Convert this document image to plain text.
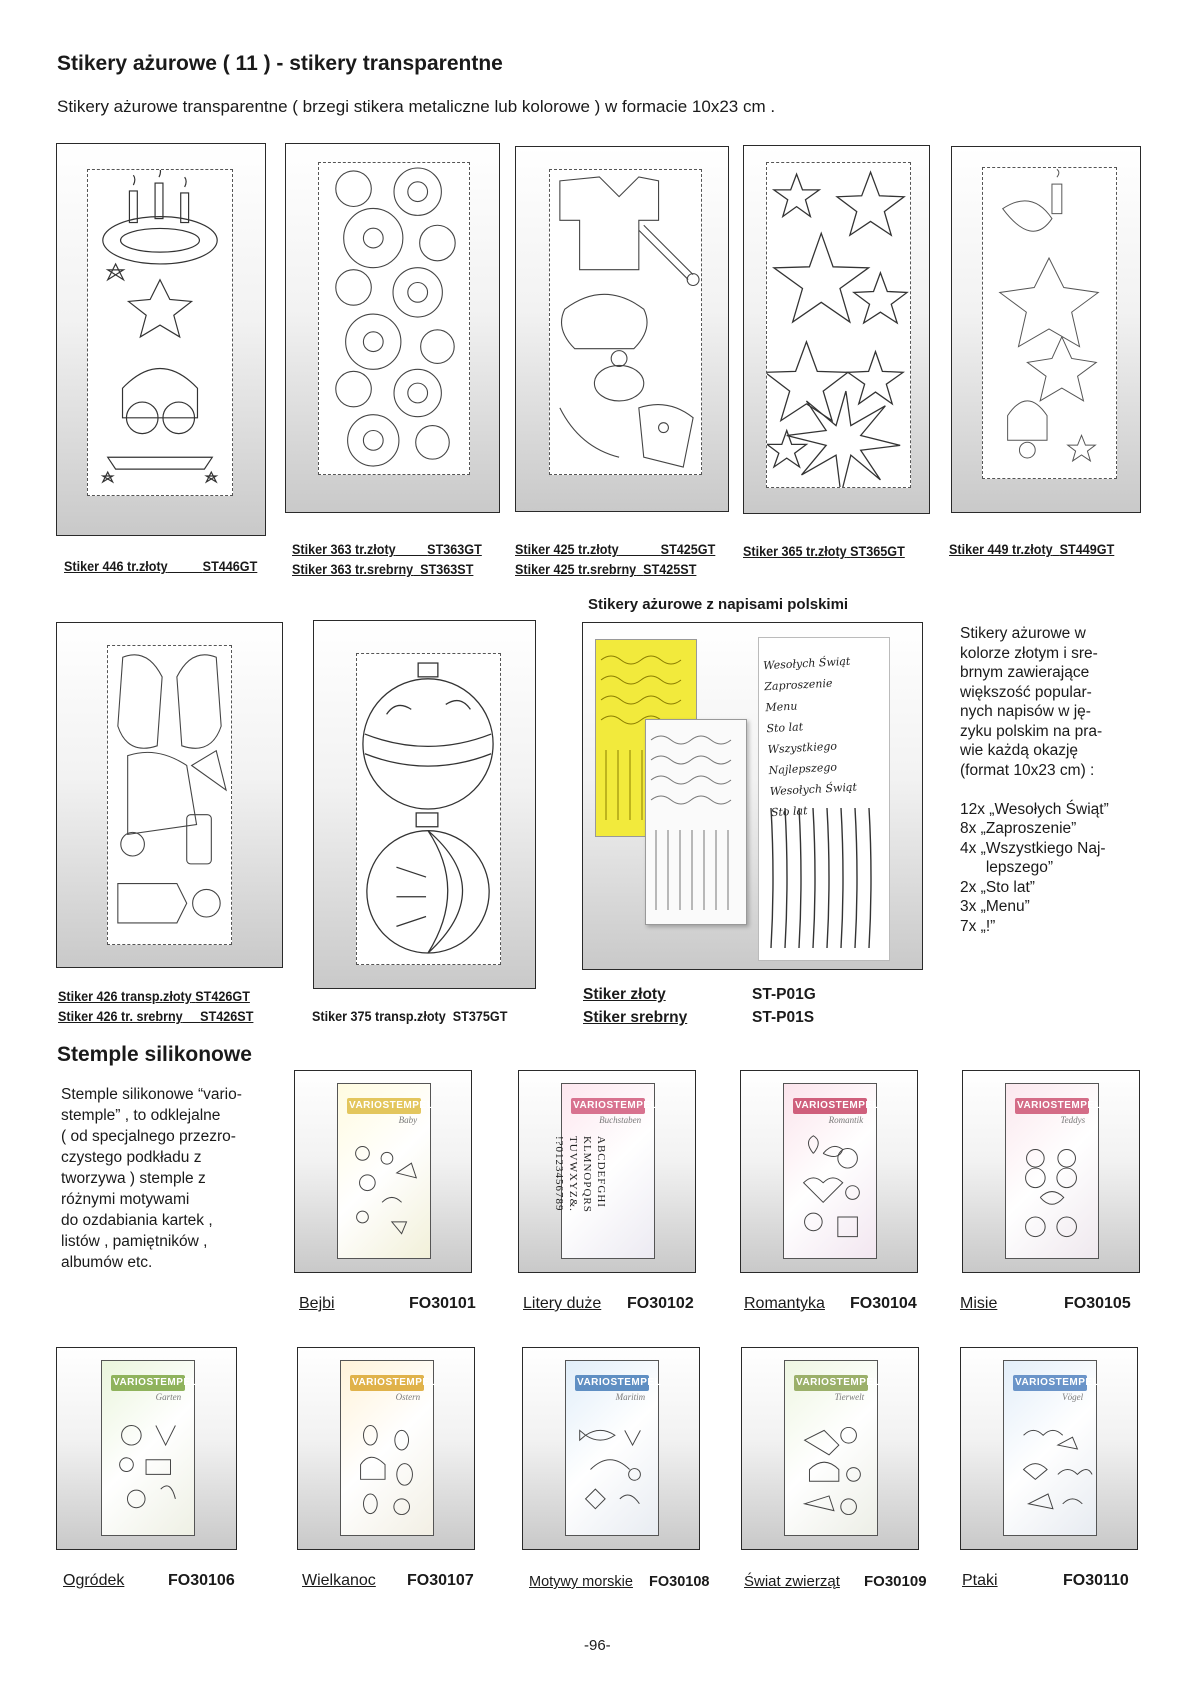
Stikery ażurowe ( 11 ) - stikery transparentne
Stikery ażurowe transparentne ( brzegi stikera metaliczne lub kolorowe ) w formacie 10x23 cm .
Stiker 446 tr.złoty	ST446GT
Stiker 363 tr.złoty ST363GT
Stiker 363 tr.srebrny ST363ST
Stiker 425 tr.złoty	ST425GT
Stiker 425 tr.srebrny ST425ST
Stiker 365 tr.złoty ST365GT	Stiker 449 tr.złoty ST449GT
Stikery ażurowe z napisami polskimi
Wesołych Świąt
Zaproszenie
Menu
Sto lat
Wszystkiego Najlepszego
Wesołych Świąt
Sto lat
Stikery ażurowe w
kolorze złotym i sre-
brnym zawierające
większość popular-
nych napisów w ję-
zyku polskim na pra-
wie każdą okazję
(format 10x23 cm) :
12x „Wesołych Świąt”
8x „Zaproszenie”
4x „Wszystkiego Naj-
lepszego”
2x „Sto lat”
3x „Menu”
7x „!”
Stiker 426 transp.złoty ST426GT
Stiker 426 tr. srebrny ST426ST	Stiker 375 transp.złoty ST375GT
Stiker złoty	ST-P01G
Stiker srebrny	ST-P01S
Stemple silikonowe
Stemple silikonowe “vario-
stemple” , to odklejalne
( od specjalnego przezro-
czystego podkładu z
tworzywa ) stemple z
różnymi motywami
do ozdabiania kartek ,
listów , pamiętników ,
albumów etc.
VARIOSTEMPEL
Baby
VARIOSTEMPEL
Buchstaben
ABCDEFGHI
KLMNOPQRS
TUVWXYZ&.
!?0123456789
VARIOSTEMPEL
Romantik
VARIOSTEMPEL
Teddys
Bejbi	FO30101	Litery duże FO30102	Romantyka FO30104	Misie	FO30105
VARIOSTEMPEL
Garten
VARIOSTEMPEL
Ostern
VARIOSTEMPEL
Maritim
VARIOSTEMPEL
Tierwelt
VARIOSTEMPEL
Vögel
Ogródek	FO30106	Wielkanoc FO30107	Motywy morskie FO30108 Świat zwierząt FO30109 Ptaki	FO30110
-96-
